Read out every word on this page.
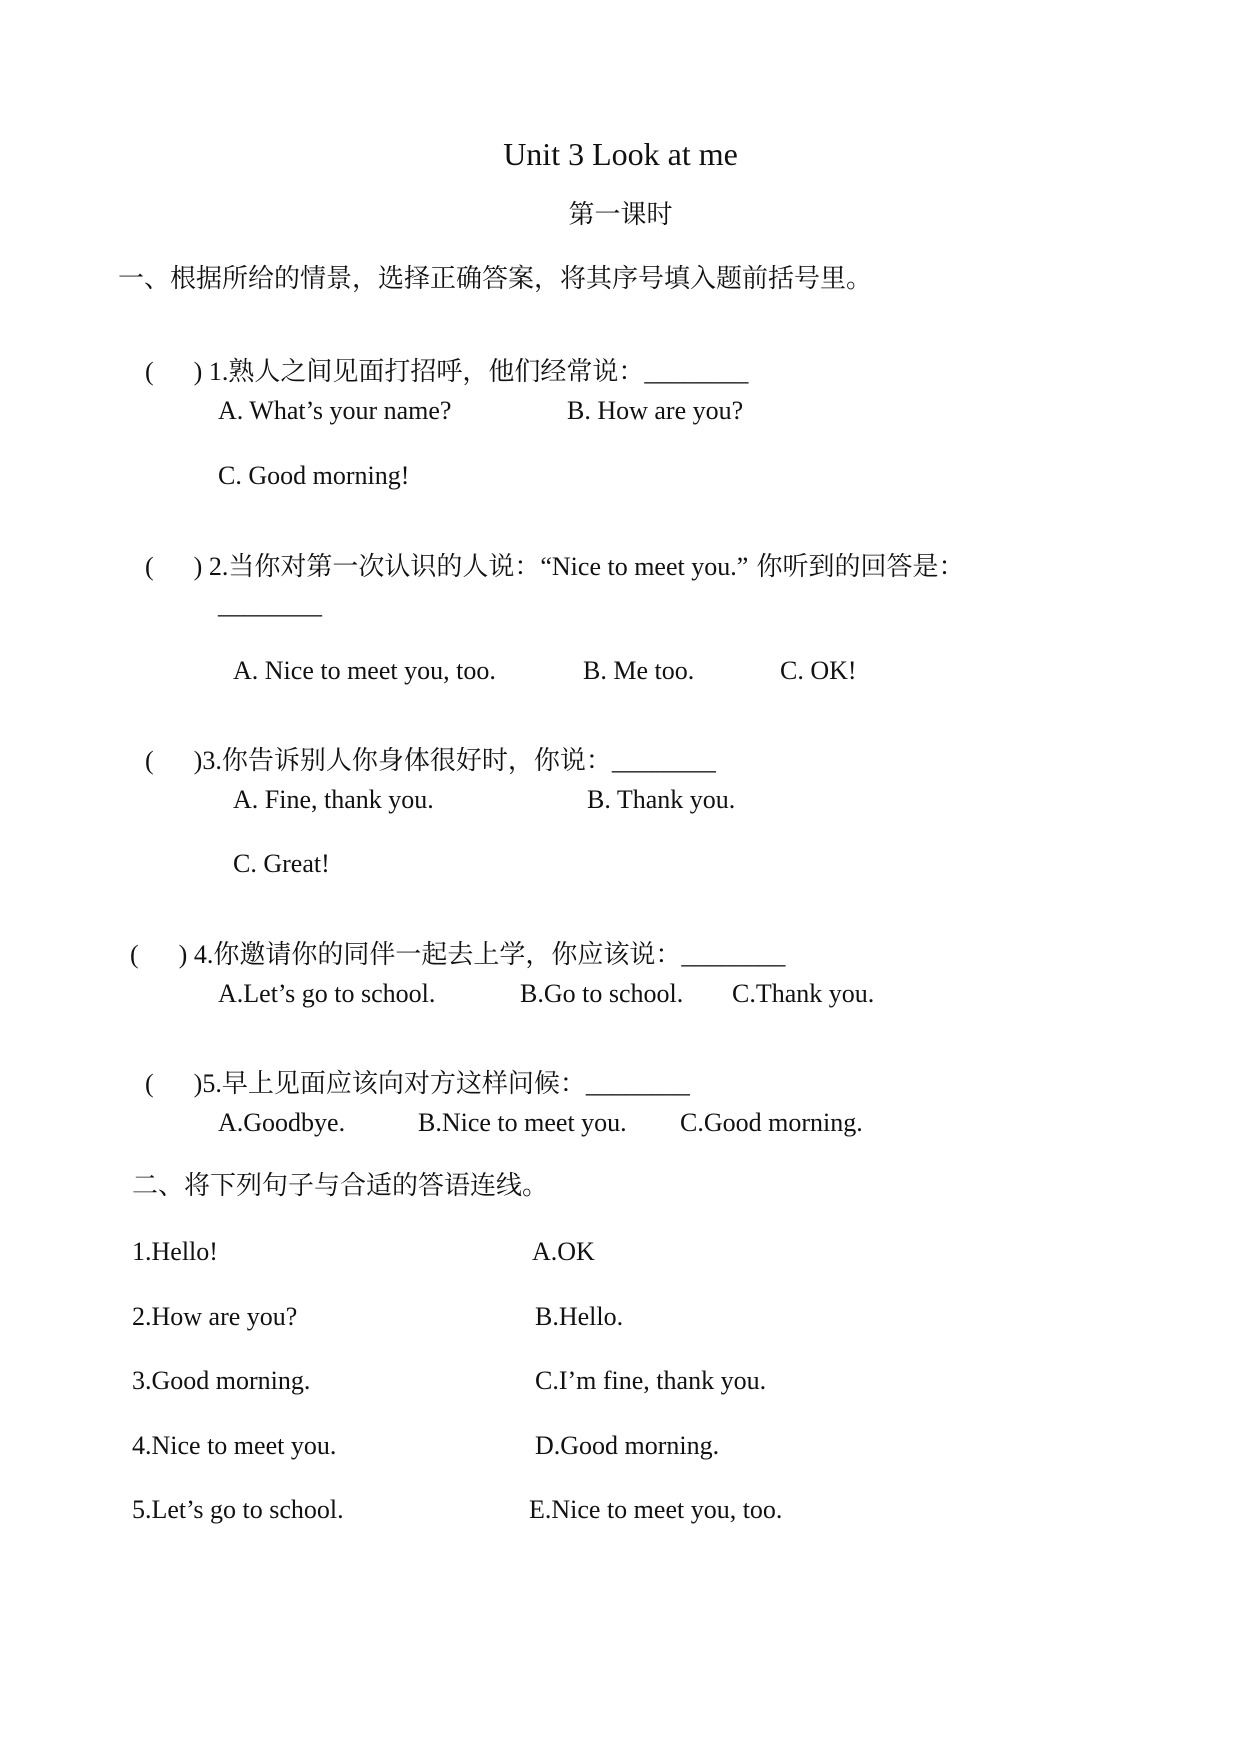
Unit 3 Look at me
第一课时
一、根据所给的情景，选择正确答案，将其序号填入题前括号里。

( ) 1.熟人之间见面打招呼，他们经常说：________

A. What’s your name?	B. How are you?
C. Good morning!

( ) 2.当你对第一次认识的人说：“Nice to meet you.” 你听到的回答是：

________
A. Nice to meet you, too.	B. Me too.	C. OK!

( )3.你告诉别人你身体很好时，你说：________

A. Fine, thank you.	B. Thank you.
C. Great!

( ) 4.你邀请你的同伴一起去上学，你应该说：________

A.Let’s go to school.	B.Go to school. C.Thank you.

( )5.早上见面应该向对方这样问候：________

A.Goodbye.	B.Nice to meet you. C.Good morning.
二、将下列句子与合适的答语连线。
1.Hello!	A.OK
2.How are you?	B.Hello.
3.Good morning.	C.I’m fine, thank you.
4.Nice to meet you.	D.Good morning.
5.Let’s go to school.	E.Nice to meet you, too.
